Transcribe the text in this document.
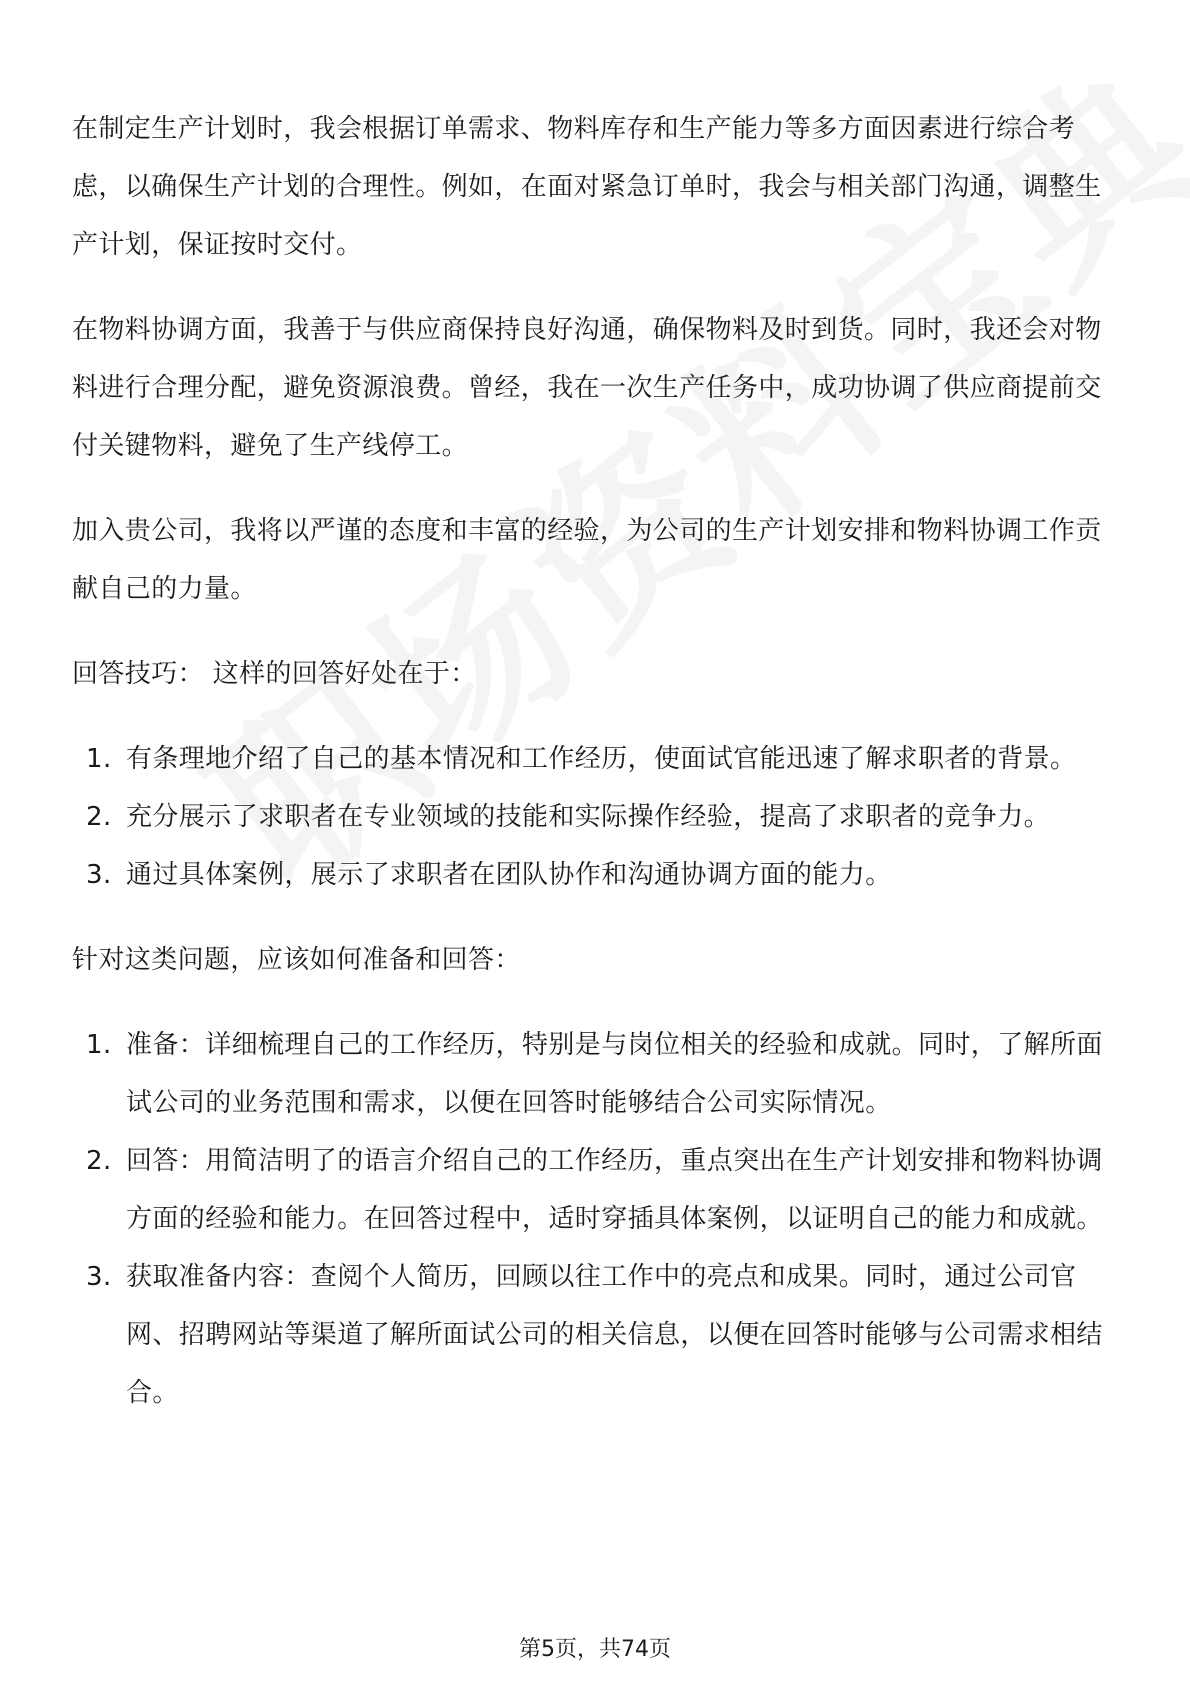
在制定生产计划时，我会根据订单需求、物料库存和生产能力等多方面因素进行综合考虑，以确保生产计划的合理性。例如，在面对紧急订单时，我会与相关部门沟通，调整生产计划，保证按时交付。

在物料协调方面，我善于与供应商保持良好沟通，确保物料及时到货。同时，我还会对物料进行合理分配，避免资源浪费。曾经，我在一次生产任务中，成功协调了供应商提前交付关键物料，避免了生产线停工。

加入贵公司，我将以严谨的态度和丰富的经验，为公司的生产计划安排和物料协调工作贡献自己的力量。

回答技巧： 这样的回答好处在于：

1. 有条理地介绍了自己的基本情况和工作经历，使面试官能迅速了解求职者的背景。
2. 充分展示了求职者在专业领域的技能和实际操作经验，提高了求职者的竞争力。
3. 通过具体案例，展示了求职者在团队协作和沟通协调方面的能力。

针对这类问题，应该如何准备和回答：

1. 准备：详细梳理自己的工作经历，特别是与岗位相关的经验和成就。同时，了解所面试公司的业务范围和需求，以便在回答时能够结合公司实际情况。
2. 回答：用简洁明了的语言介绍自己的工作经历，重点突出在生产计划安排和物料协调方面的经验和能力。在回答过程中，适时穿插具体案例，以证明自己的能力和成就。
3. 获取准备内容：查阅个人简历，回顾以往工作中的亮点和成果。同时，通过公司官网、招聘网站等渠道了解所面试公司的相关信息，以便在回答时能够与公司需求相结合。
第5页，共74页
